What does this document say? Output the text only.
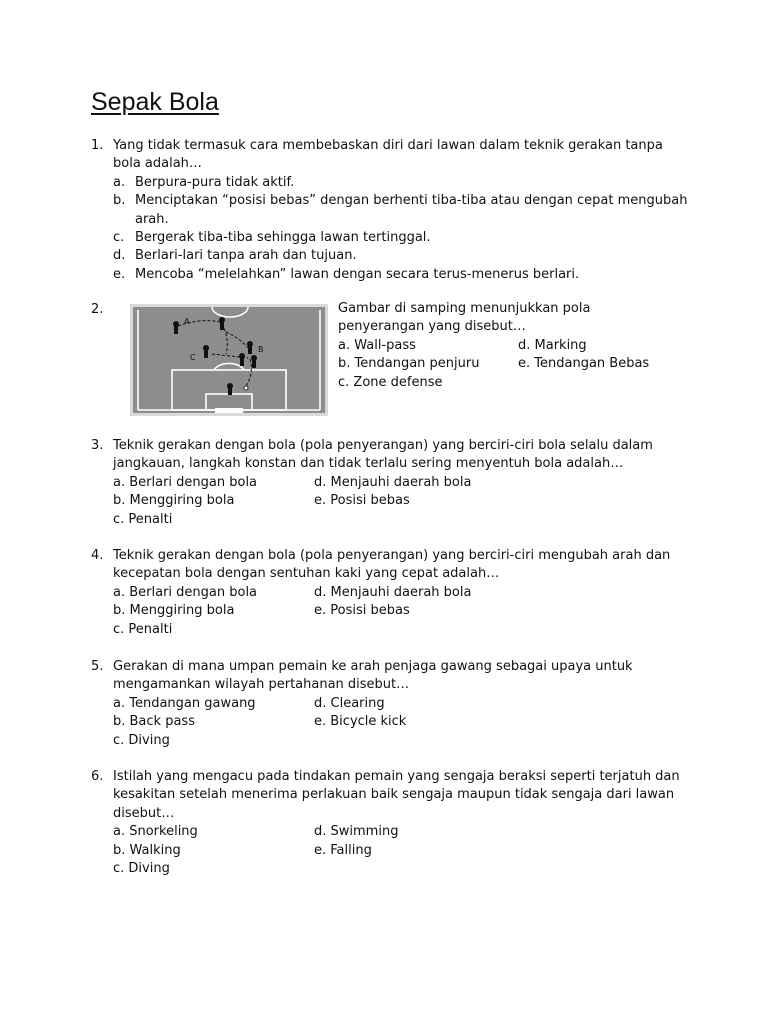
Sepak Bola
1. Yang tidak termasuk cara membebaskan diri dari lawan dalam teknik gerakan tanpa bola adalah…
a. Berpura-pura tidak aktif.
b. Menciptakan “posisi bebas” dengan berhenti tiba-tiba atau dengan cepat mengubah arah.
c. Bergerak tiba-tiba sehingga lawan tertinggal.
d. Berlari-lari tanpa arah dan tujuan.
e. Mencoba “melelahkan” lawan dengan secara terus-menerus berlari.
2.
A
B
C
Gambar di samping menunjukkan pola penyerangan yang disebut…
a. Wall-pass	d. Marking
b. Tendangan penjuru	e. Tendangan Bebas
c. Zone defense
3. Teknik gerakan dengan bola (pola penyerangan) yang berciri-ciri bola selalu dalam jangkauan, langkah konstan dan tidak terlalu sering menyentuh bola adalah…
a. Berlari dengan bola	d. Menjauhi daerah bola
b. Menggiring bola	e. Posisi bebas
c. Penalti
4. Teknik gerakan dengan bola (pola penyerangan) yang berciri-ciri mengubah arah dan kecepatan bola dengan sentuhan kaki yang cepat adalah…
a. Berlari dengan bola	d. Menjauhi daerah bola
b. Menggiring bola	e. Posisi bebas
c. Penalti
5. Gerakan di mana umpan pemain ke arah penjaga gawang sebagai upaya untuk mengamankan wilayah pertahanan disebut…
a. Tendangan gawang	d. Clearing
b. Back pass	e. Bicycle kick
c. Diving
6. Istilah yang mengacu pada tindakan pemain yang sengaja beraksi seperti terjatuh dan kesakitan setelah menerima perlakuan baik sengaja maupun tidak sengaja dari lawan disebut…
a. Snorkeling	d. Swimming
b. Walking	e. Falling
c. Diving
